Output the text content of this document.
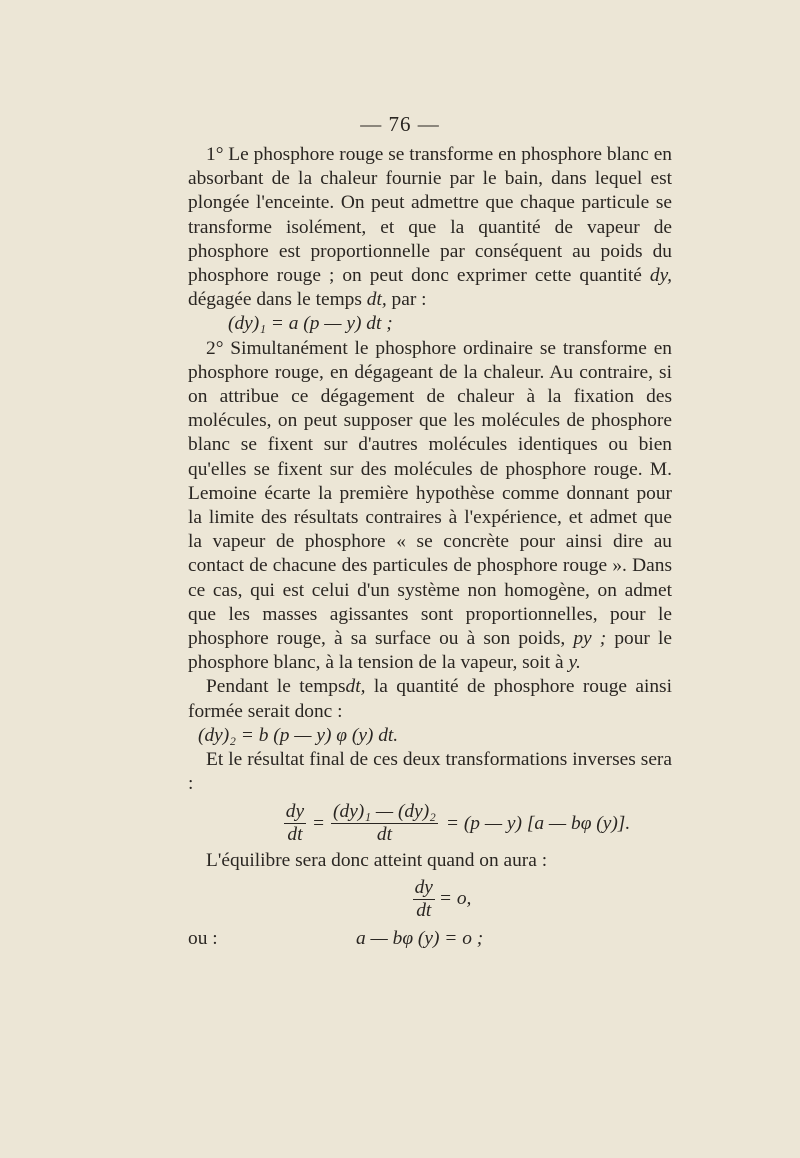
— 76 —

1° Le phosphore rouge se transforme en phosphore blanc en absorbant de la chaleur fournie par le bain, dans lequel est plongée l'enceinte. On peut admettre que chaque particule se transforme isolément, et que la quantité de vapeur de phosphore est proportionnelle par conséquent au poids du phosphore rouge ; on peut donc exprimer cette quantité dy, dégagée dans le temps dt, par :

(dy)₁ = a (p — y) dt ;

2° Simultanément le phosphore ordinaire se transforme en phosphore rouge, en dégageant de la chaleur. Au contraire, si on attribue ce dégagement de chaleur à la fixation des molécules, on peut supposer que les molécules de phosphore blanc se fixent sur d'autres molécules identiques ou bien qu'elles se fixent sur des molécules de phosphore rouge. M. Lemoine écarte la première hypothèse comme donnant pour la limite des résultats contraires à l'expérience, et admet que la vapeur de phosphore « se concrète pour ainsi dire au contact de chacune des particules de phosphore rouge ». Dans ce cas, qui est celui d'un système non homogène, on admet que les masses agissantes sont proportionnelles, pour le phosphore rouge, à sa surface ou à son poids, py ; pour le phosphore blanc, à la tension de la vapeur, soit à y.

Pendant le tempsdt, la quantité de phosphore rouge ainsi formée serait donc :

(dy)₂ = b (p — y) φ (y) dt.

Et le résultat final de ces deux transformations inverses sera :

$\frac{dy}{dt} = \frac{\text{(dy)₁ — (dy)₂}}{dt} = (p$ — y) [a — bφ (y)].

L'équilibre sera donc atteint quand on aura :

$\frac{dy}{dt} = o$,
ou :	a — bφ (y) = o ;
